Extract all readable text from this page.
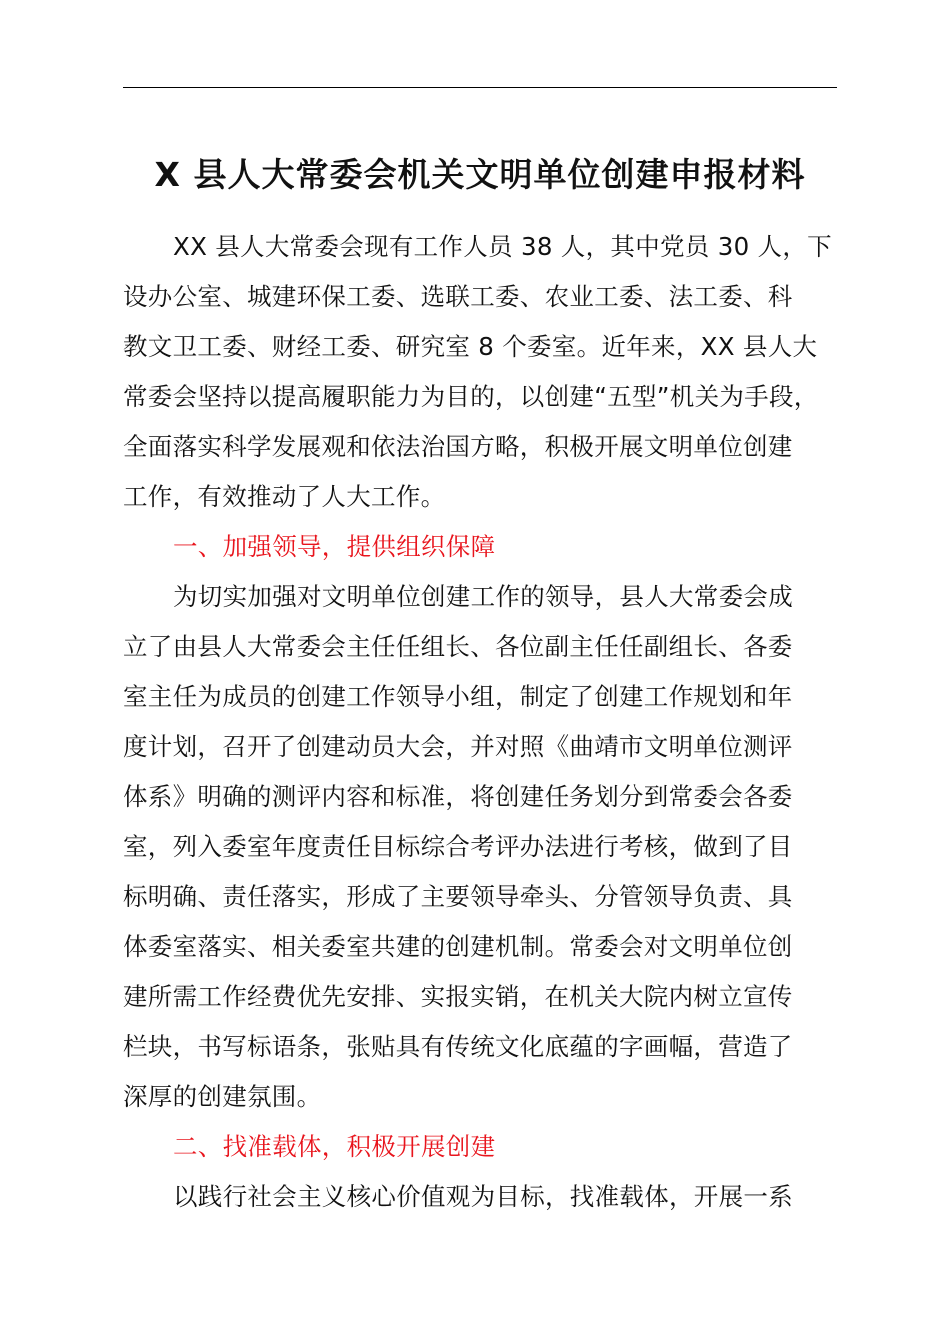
X 县人大常委会机关文明单位创建申报材料

XX 县人大常委会现有工作人员 38 人，其中党员 30 人，下
设办公室、城建环保工委、选联工委、农业工委、法工委、科
教文卫工委、财经工委、研究室 8 个委室。近年来，XX 县人大
常委会坚持以提高履职能力为目的，以创建“五型”机关为手段，
全面落实科学发展观和依法治国方略，积极开展文明单位创建
工作，有效推动了人大工作。

一、加强领导，提供组织保障

为切实加强对文明单位创建工作的领导，县人大常委会成
立了由县人大常委会主任任组长、各位副主任任副组长、各委
室主任为成员的创建工作领导小组，制定了创建工作规划和年
度计划，召开了创建动员大会，并对照《曲靖市文明单位测评
体系》明确的测评内容和标准，将创建任务划分到常委会各委
室，列入委室年度责任目标综合考评办法进行考核，做到了目
标明确、责任落实，形成了主要领导牵头、分管领导负责、具
体委室落实、相关委室共建的创建机制。常委会对文明单位创
建所需工作经费优先安排、实报实销，在机关大院内树立宣传
栏块，书写标语条，张贴具有传统文化底蕴的字画幅，营造了
深厚的创建氛围。

二、找准载体，积极开展创建

以践行社会主义核心价值观为目标，找准载体，开展一系
